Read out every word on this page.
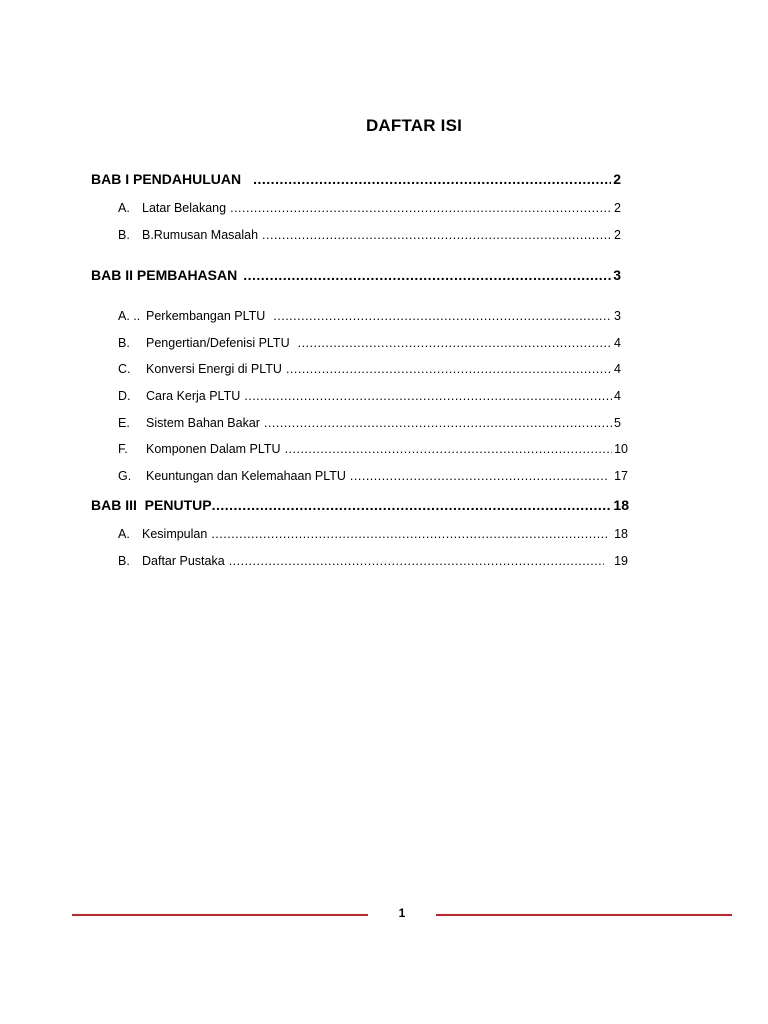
DAFTAR ISI
BAB I PENDAHULUAN .....	2
A. Latar Belakang .....	2
B. B.Rumusan Masalah .....	2
BAB II PEMBAHASAN .....	3
A. .. Perkembangan PLTU .....	3
B.	Pengertian/Defenisi PLTU .....	4
C.	Konversi Energi di PLTU .....	4
D.	Cara Kerja PLTU .....	4
E.	Sistem Bahan Bakar .....	5
F.	Komponen Dalam PLTU .....	10
G.	Keuntungan dan Kelemahaan PLTU .....	17
BAB III  PENUTUP .....	18
A. Kesimpulan .....	18
B. Daftar Pustaka .....	19
1
